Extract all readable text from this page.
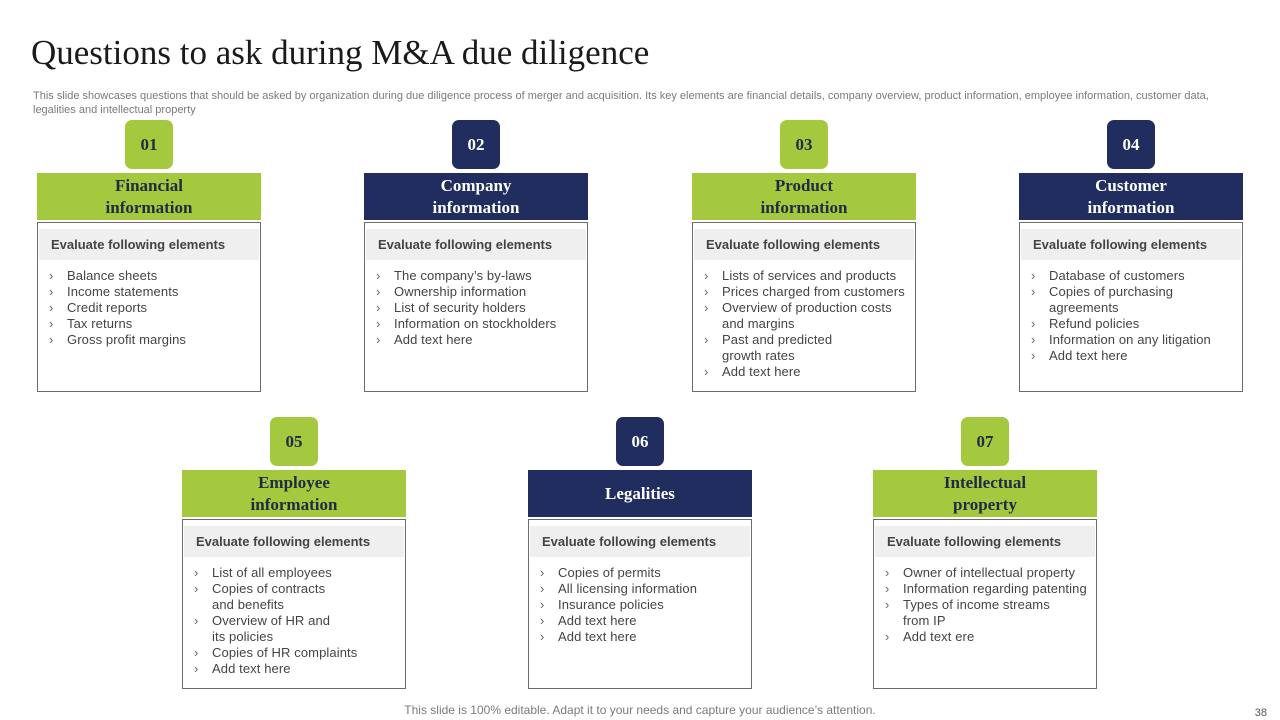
Questions to ask during M&A due diligence
This slide showcases questions that should be asked by organization during due diligence process of merger and acquisition. Its key elements are financial details, company overview, product information, employee information, customer data, legalities and intellectual property
01
Financial
information
Evaluate following elements
› Balance sheets
› Income statements
› Credit reports
› Tax returns
› Gross profit margins
02
Company
information
Evaluate following elements
› The company’s by-laws
› Ownership information
› List of security holders
› Information on stockholders
› Add text here
03
Product
information
Evaluate following elements
› Lists of services and products
› Prices charged from customers
› Overview of production costs and margins
› Past and predicted growth rates
› Add text here
04
Customer
information
Evaluate following elements
› Database of customers
› Copies of purchasing agreements
› Refund policies
› Information on any litigation
› Add text here
05
Employee
information
Evaluate following elements
› List of all employees
› Copies of contracts and benefits
› Overview of HR and its policies
› Copies of HR complaints
› Add text here
06
Legalities
Evaluate following elements
› Copies of permits
› All licensing information
› Insurance policies
› Add text here
› Add text here
07
Intellectual
property
Evaluate following elements
› Owner of intellectual property
› Information regarding patenting
› Types of income streams from IP
› Add text ere
This slide is 100% editable. Adapt it to your needs and capture your audience’s attention.	38
